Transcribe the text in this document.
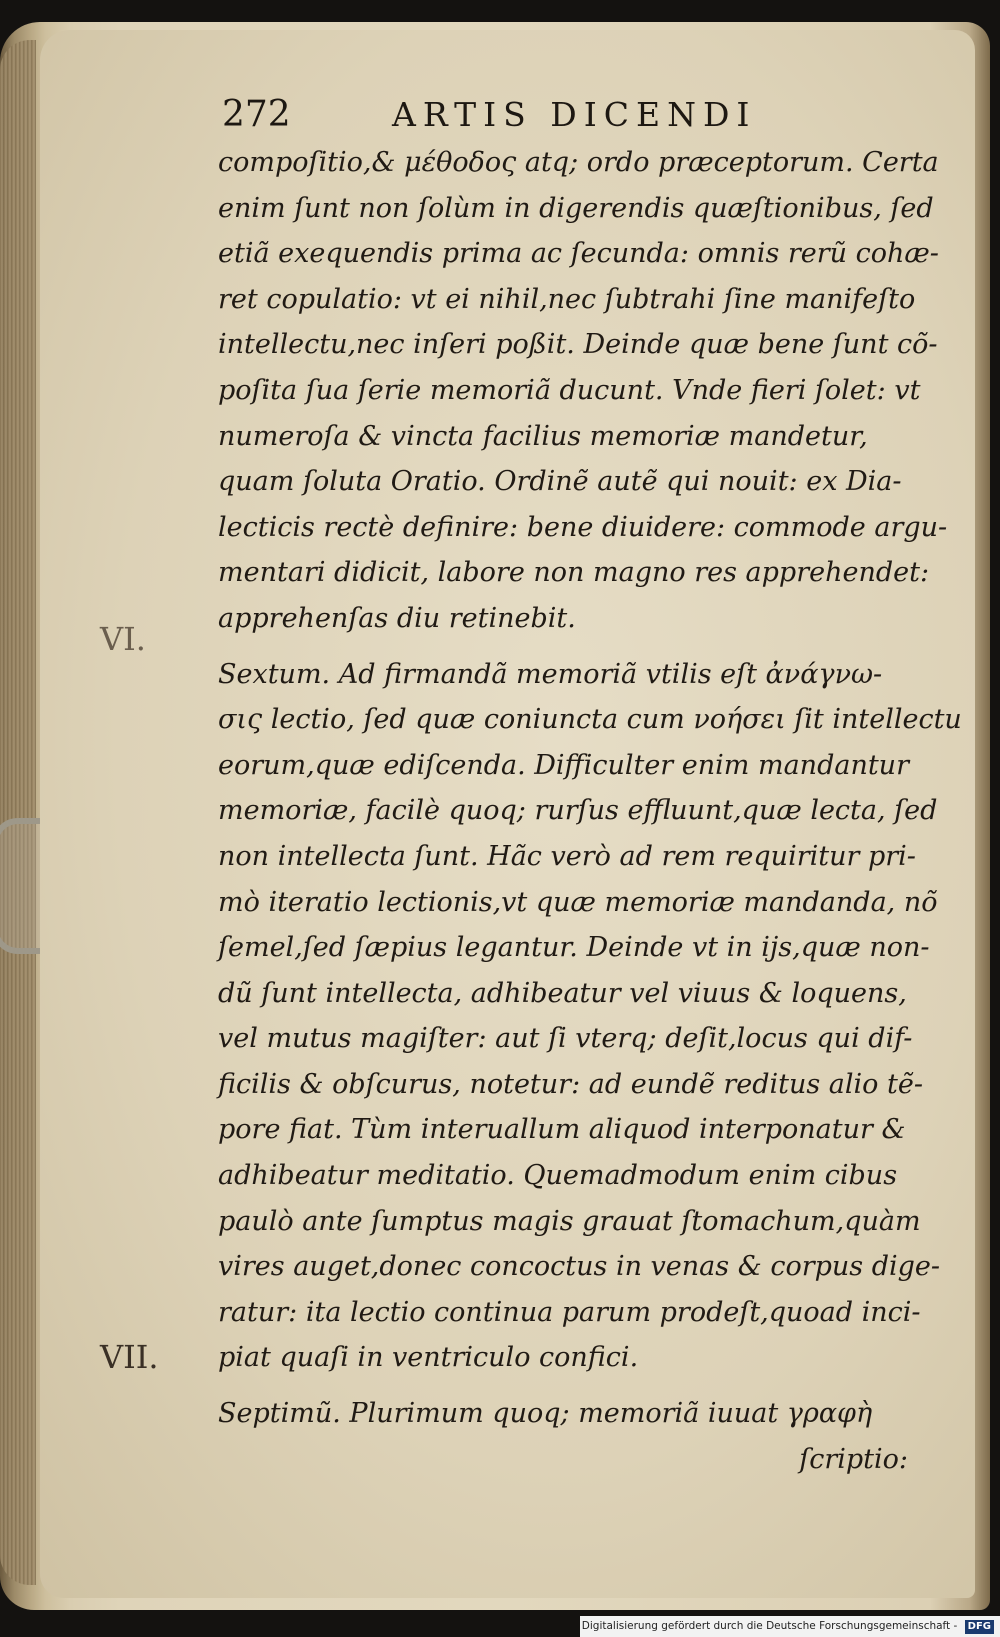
272	ARTIS DICENDI
VI.
VII.
compoſitio,& μέθοδος atq; ordo præceptorum. Certa
enim ſunt non ſolùm in digerendis quæſtionibus, ſed
etiã exequendis prima ac ſecunda: omnis rerũ cohæ-
ret copulatio: vt ei nihil,nec ſubtrahi ſine manifeſto
intellectu,nec inſeri poßit. Deinde quæ bene ſunt cõ-
poſita ſua ſerie memoriã ducunt. Vnde fieri ſolet: vt
numeroſa & vincta facilius memoriæ mandetur,
quam ſoluta Oratio. Ordinẽ autẽ qui nouit: ex Dia-
lecticis rectè definire: bene diuidere: commode argu-
mentari didicit, labore non magno res apprehendet:
apprehenſas diu retinebit.
Sextum. Ad firmandã memoriã vtilis eſt ἀνάγνω-
σις lectio, ſed quæ coniuncta cum νοήσει ſit intellectu
eorum,quæ ediſcenda. Difficulter enim mandantur
memoriæ, facilè quoq; rurſus effluunt,quæ lecta, ſed
non intellecta ſunt. Hãc verò ad rem requiritur pri-
mò iteratio lectionis,vt quæ memoriæ mandanda, nõ
ſemel,ſed ſæpius legantur. Deinde vt in ijs,quæ non-
dũ ſunt intellecta, adhibeatur vel viuus & loquens,
vel mutus magiſter: aut ſi vterq; deſit,locus qui dif-
ficilis & obſcurus, notetur: ad eundẽ reditus alio tẽ-
pore fiat. Tùm interuallum aliquod interponatur &
adhibeatur meditatio. Quemadmodum enim cibus
paulò ante ſumptus magis grauat ſtomachum,quàm
vires auget,donec concoctus in venas & corpus dige-
ratur: ita lectio continua parum prodeſt,quoad inci-
piat quaſi in ventriculo confici.
Septimũ. Plurimum quoq; memoriã iuuat γραφὴ
ſcriptio:
Digitalisierung gefördert durch die Deutsche Forschungsgemeinschaft - DFG
